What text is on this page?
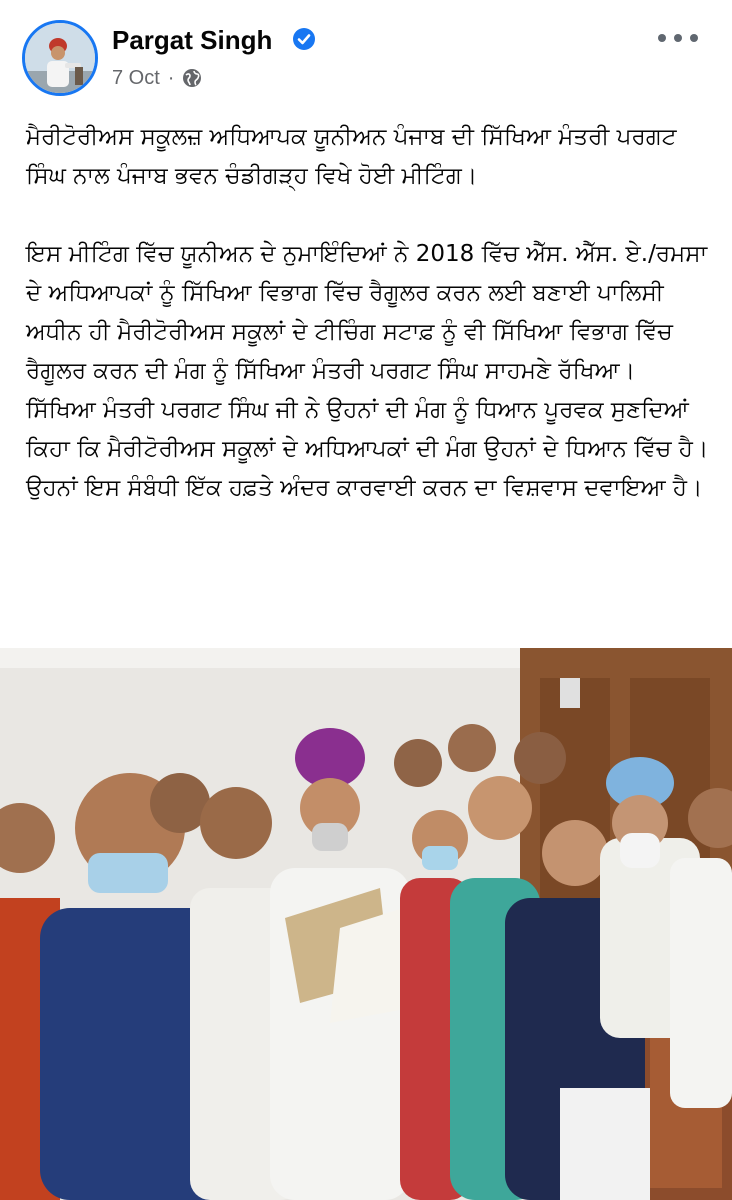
Pargat Singh
7 Oct ·

ਮੈਰੀਟੋਰੀਅਸ ਸਕੂਲਜ਼ ਅਧਿਆਪਕ ਯੂਨੀਅਨ ਪੰਜਾਬ ਦੀ ਸਿੱਖਿਆ ਮੰਤਰੀ ਪਰਗਟ ਸਿੰਘ ਨਾਲ ਪੰਜਾਬ ਭਵਨ ਚੰਡੀਗੜ੍ਹ ਵਿਖੇ ਹੋਈ ਮੀਟਿੰਗ।

ਇਸ ਮੀਟਿੰਗ ਵਿੱਚ ਯੂਨੀਅਨ ਦੇ ਨੁਮਾਇੰਦਿਆਂ ਨੇ 2018 ਵਿੱਚ ਐੱਸ. ਐੱਸ. ਏ./ਰਮਸਾ ਦੇ ਅਧਿਆਪਕਾਂ ਨੂੰ ਸਿੱਖਿਆ ਵਿਭਾਗ ਵਿੱਚ ਰੈਗੂਲਰ ਕਰਨ ਲਈ ਬਣਾਈ ਪਾਲਿਸੀ ਅਧੀਨ ਹੀ ਮੈਰੀਟੋਰੀਅਸ ਸਕੂਲਾਂ ਦੇ ਟੀਚਿੰਗ ਸਟਾਫ਼ ਨੂੰ ਵੀ ਸਿੱਖਿਆ ਵਿਭਾਗ ਵਿੱਚ ਰੈਗੂਲਰ ਕਰਨ ਦੀ ਮੰਗ ਨੂੰ ਸਿੱਖਿਆ ਮੰਤਰੀ ਪਰਗਟ ਸਿੰਘ ਸਾਹਮਣੇ ਰੱਖਿਆ।

ਸਿੱਖਿਆ ਮੰਤਰੀ ਪਰਗਟ ਸਿੰਘ ਜੀ ਨੇ ਉਹਨਾਂ ਦੀ ਮੰਗ ਨੂੰ ਧਿਆਨ ਪੂਰਵਕ ਸੁਣਦਿਆਂ ਕਿਹਾ ਕਿ ਮੈਰੀਟੋਰੀਅਸ ਸਕੂਲਾਂ ਦੇ ਅਧਿਆਪਕਾਂ ਦੀ ਮੰਗ ਉਹਨਾਂ ਦੇ ਧਿਆਨ ਵਿੱਚ ਹੈ। ਉਹਨਾਂ ਇਸ ਸੰਬੰਧੀ ਇੱਕ ਹਫ਼ਤੇ ਅੰਦਰ ਕਾਰਵਾਈ ਕਰਨ ਦਾ ਵਿਸ਼ਵਾਸ ਦਵਾਇਆ ਹੈ।
